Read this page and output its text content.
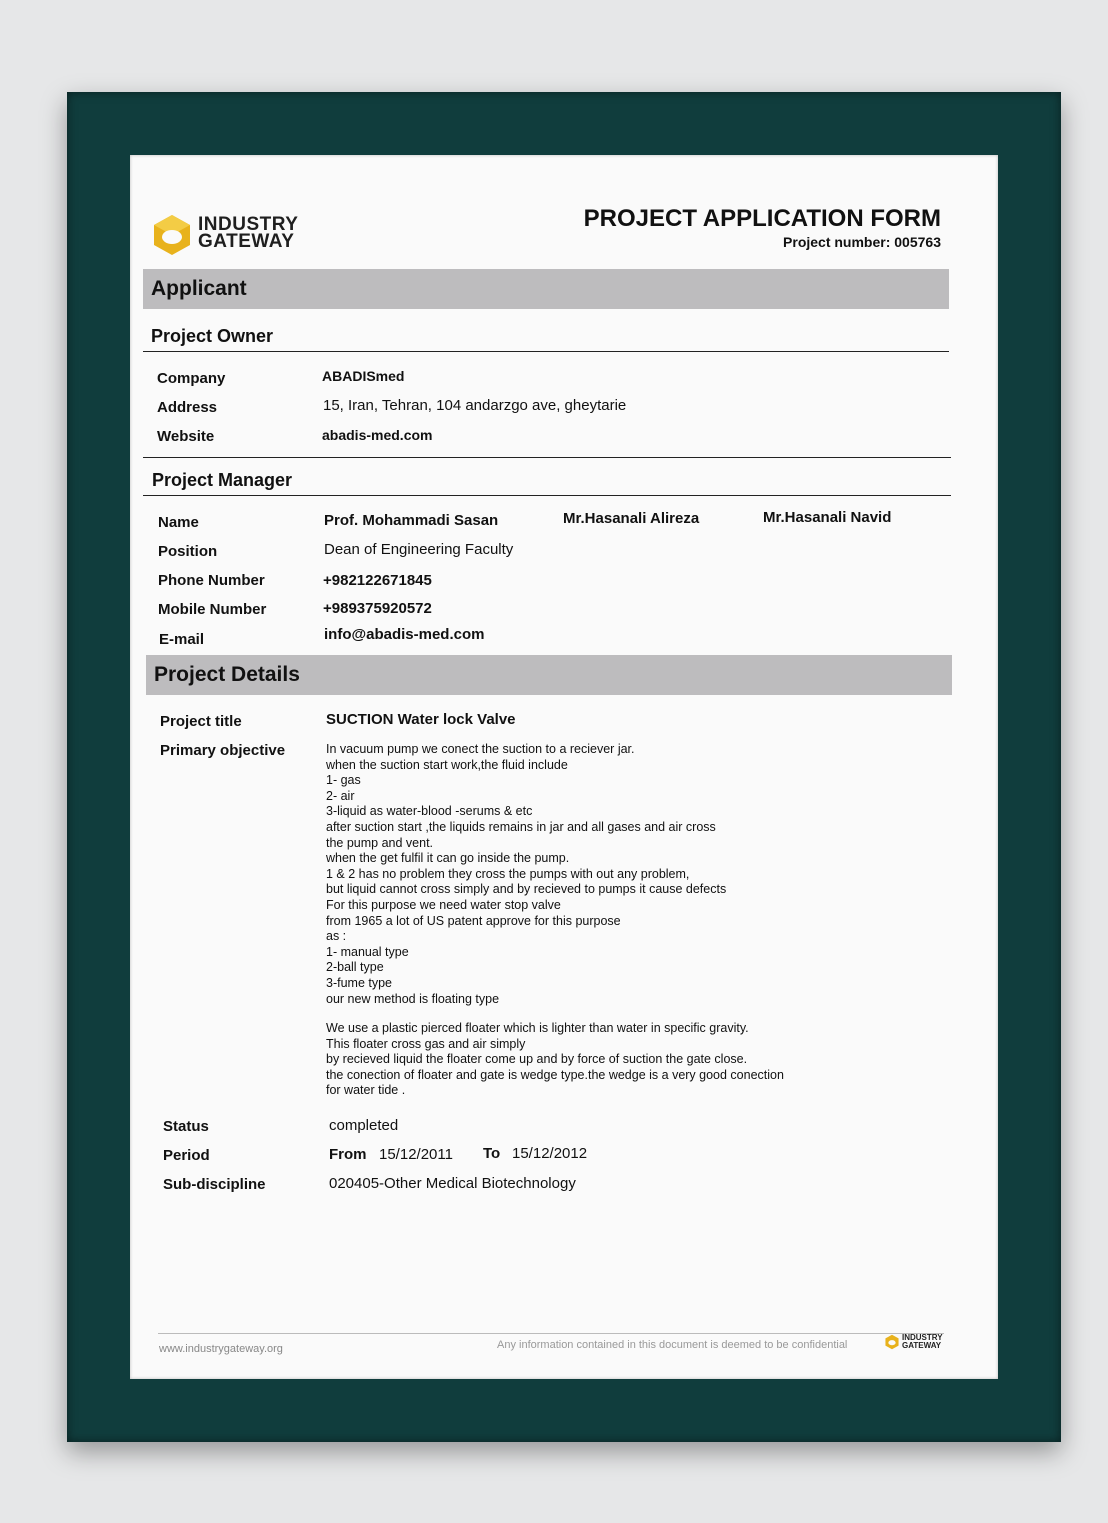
INDUSTRY
GATEWAY
PROJECT APPLICATION FORM
Project number: 005763
Applicant
Project Owner
Company	ABADISmed
Address	15, Iran, Tehran, 104 andarzgo ave, gheytarie
Website	abadis-med.com
Project Manager
Name	Prof. Mohammadi Sasan	Mr.Hasanali Alireza	Mr.Hasanali Navid
Position	Dean of Engineering Faculty
Phone Number	+982122671845
Mobile Number	+989375920572
E-mail	info@abadis-med.com
Project Details
Project title	SUCTION Water lock Valve
Primary objective	In vacuum pump we conect the suction to a reciever jar.
when the suction start work,the fluid include
1- gas
2- air
3-liquid as water-blood -serums & etc
after suction start ,the liquids remains in jar and all gases and air cross
the pump and vent.
when the get fulfil it can go inside the pump.
1 & 2 has no problem they cross the pumps with out any problem,
but liquid cannot cross simply and by recieved to pumps it cause defects
For this purpose we need water stop valve
from 1965 a lot of US patent approve for this purpose
as :
1- manual type
2-ball type
3-fume type
our new method is floating type
We use a plastic pierced floater which is lighter than water in specific gravity.
This floater cross gas and air simply
by recieved liquid the floater come up and by force of suction the gate close.
the conection of floater and gate is wedge type.the wedge is a very good conection
for water tide .
Status	completed
Period	From 15/12/2011 To 15/12/2012
Sub-discipline	020405-Other Medical Biotechnology
www.industrygateway.org	Any information contained in this document is deemed to be confidential
INDUSTRY
GATEWAY
